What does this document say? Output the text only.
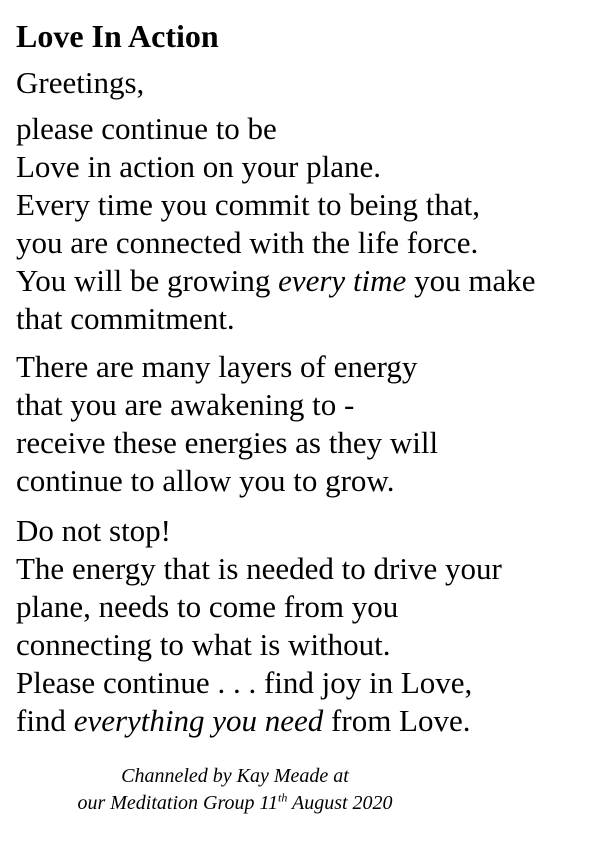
Love In Action

Greetings,

please continue to be
Love in action on your plane.
Every time you commit to being that,
you are connected with the life force.
You will be growing every time you make
that commitment.

There are many layers of energy
that you are awakening to -
receive these energies as they will
continue to allow you to grow.

Do not stop!
The energy that is needed to drive your
plane, needs to come from you
connecting to what is without.
Please continue . . . find joy in Love,
find everything you need from Love.

Channeled by Kay Meade at
our Meditation Group 11th August 2020
